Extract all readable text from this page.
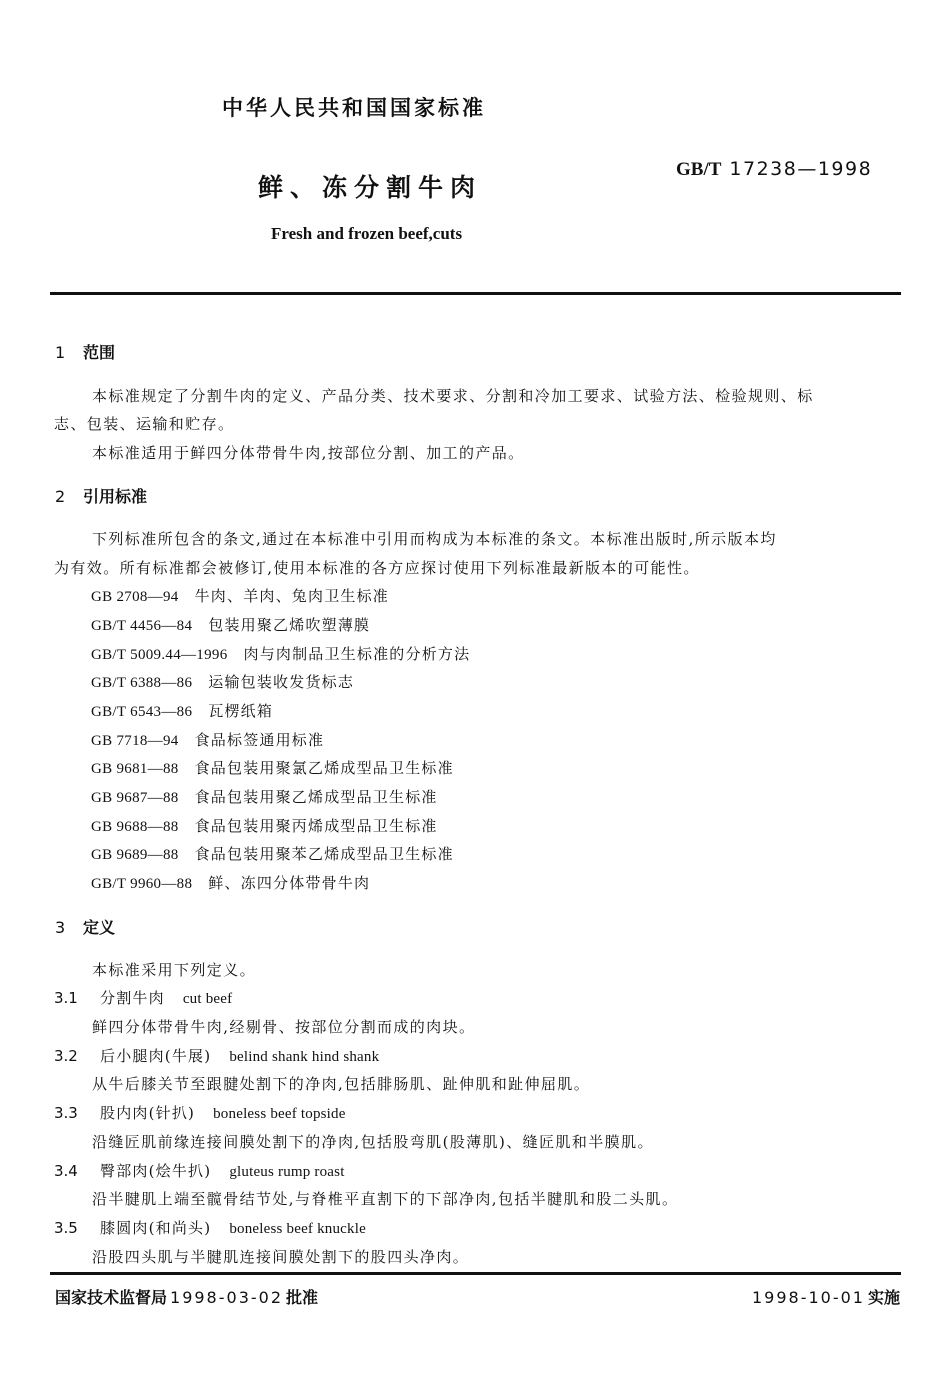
中华人民共和国国家标准
GB/T 17238—1998
鲜、冻分割牛肉
Fresh and frozen beef,cuts
1 范围
本标准规定了分割牛肉的定义、产品分类、技术要求、分割和冷加工要求、试验方法、检验规则、标
志、包装、运输和贮存。
本标准适用于鲜四分体带骨牛肉,按部位分割、加工的产品。
2 引用标准
下列标准所包含的条文,通过在本标准中引用而构成为本标准的条文。本标准出版时,所示版本均
为有效。所有标准都会被修订,使用本标准的各方应探讨使用下列标准最新版本的可能性。
GB 2708—94 牛肉、羊肉、兔肉卫生标准
GB/T 4456—84 包装用聚乙烯吹塑薄膜
GB/T 5009.44—1996 肉与肉制品卫生标准的分析方法
GB/T 6388—86 运输包装收发货标志
GB/T 6543—86 瓦楞纸箱
GB 7718—94 食品标签通用标准
GB 9681—88 食品包装用聚氯乙烯成型品卫生标准
GB 9687—88 食品包装用聚乙烯成型品卫生标准
GB 9688—88 食品包装用聚丙烯成型品卫生标准
GB 9689—88 食品包装用聚苯乙烯成型品卫生标准
GB/T 9960—88 鲜、冻四分体带骨牛肉
3 定义
本标准采用下列定义。
3.1 分割牛肉 cut beef
鲜四分体带骨牛肉,经剔骨、按部位分割而成的肉块。
3.2 后小腿肉(牛展) belind shank hind shank
从牛后膝关节至跟腱处割下的净肉,包括腓肠肌、趾伸肌和趾伸屈肌。
3.3 股内肉(针扒) boneless beef topside
沿缝匠肌前缘连接间膜处割下的净肉,包括股弯肌(股薄肌)、缝匠肌和半膜肌。
3.4 臀部肉(烩牛扒) gluteus rump roast
沿半腱肌上端至髋骨结节处,与脊椎平直割下的下部净肉,包括半腱肌和股二头肌。
3.5 膝圆肉(和尚头) boneless beef knuckle
沿股四头肌与半腱肌连接间膜处割下的股四头净肉。
国家技术监督局 1998-03-02 批准	1998-10-01 实施
